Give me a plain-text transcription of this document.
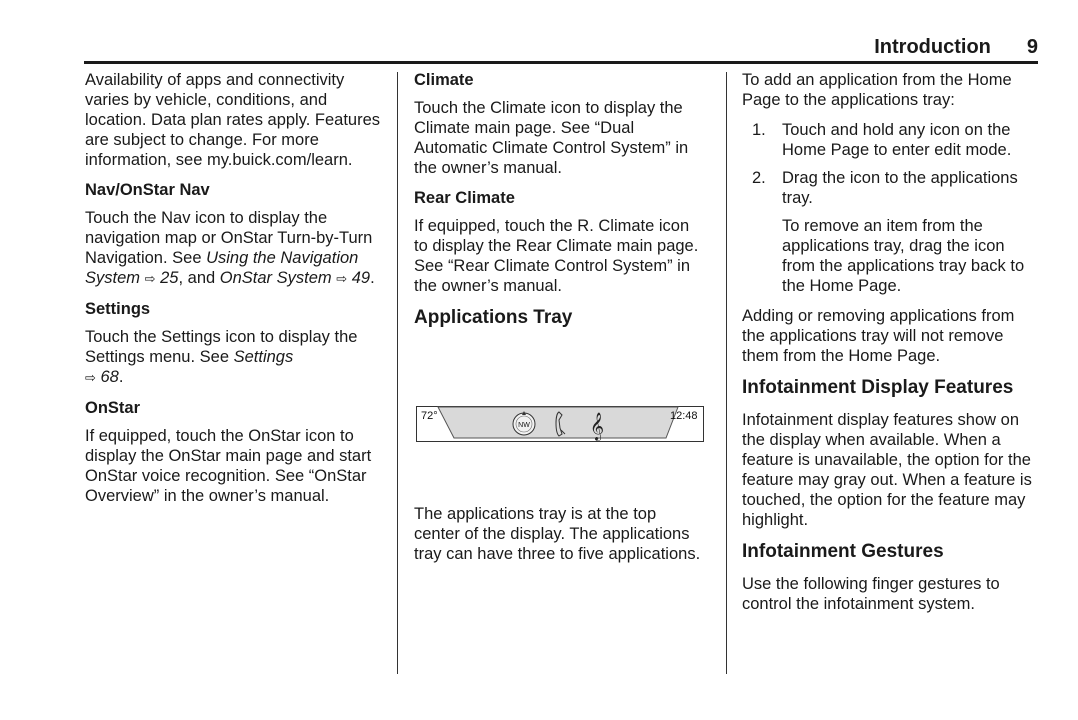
Introduction 9

Availability of apps and connectivity varies by vehicle, conditions, and location. Data plan rates apply. Features are subject to change. For more information, see my.buick.com/learn.

Nav/OnStar Nav

Touch the Nav icon to display the navigation map or OnStar Turn-by-Turn Navigation. See Using the Navigation System ⇨ 25, and OnStar System ⇨ 49.

Settings

Touch the Settings icon to display the Settings menu. See Settings
⇨ 68.

OnStar

If equipped, touch the OnStar icon to display the OnStar main page and start OnStar voice recognition. See “OnStar Overview” in the owner’s manual.

Climate

Touch the Climate icon to display the Climate main page. See “Dual Automatic Climate Control System” in the owner’s manual.

Rear Climate

If equipped, touch the R. Climate icon to display the Rear Climate main page. See “Rear Climate Control System” in the owner’s manual.

Applications Tray
72°	12:48
NW	𝄞

The applications tray is at the top center of the display. The applications tray can have three to five applications.

To add an application from the Home Page to the applications tray:

1. Touch and hold any icon on the Home Page to enter edit mode.
2. Drag the icon to the applications tray.

To remove an item from the applications tray, drag the icon from the applications tray back to the Home Page.

Adding or removing applications from the applications tray will not remove them from the Home Page.

Infotainment Display Features

Infotainment display features show on the display when available. When a feature is unavailable, the option for the feature may gray out. When a feature is touched, the option for the feature may highlight.

Infotainment Gestures

Use the following finger gestures to control the infotainment system.
